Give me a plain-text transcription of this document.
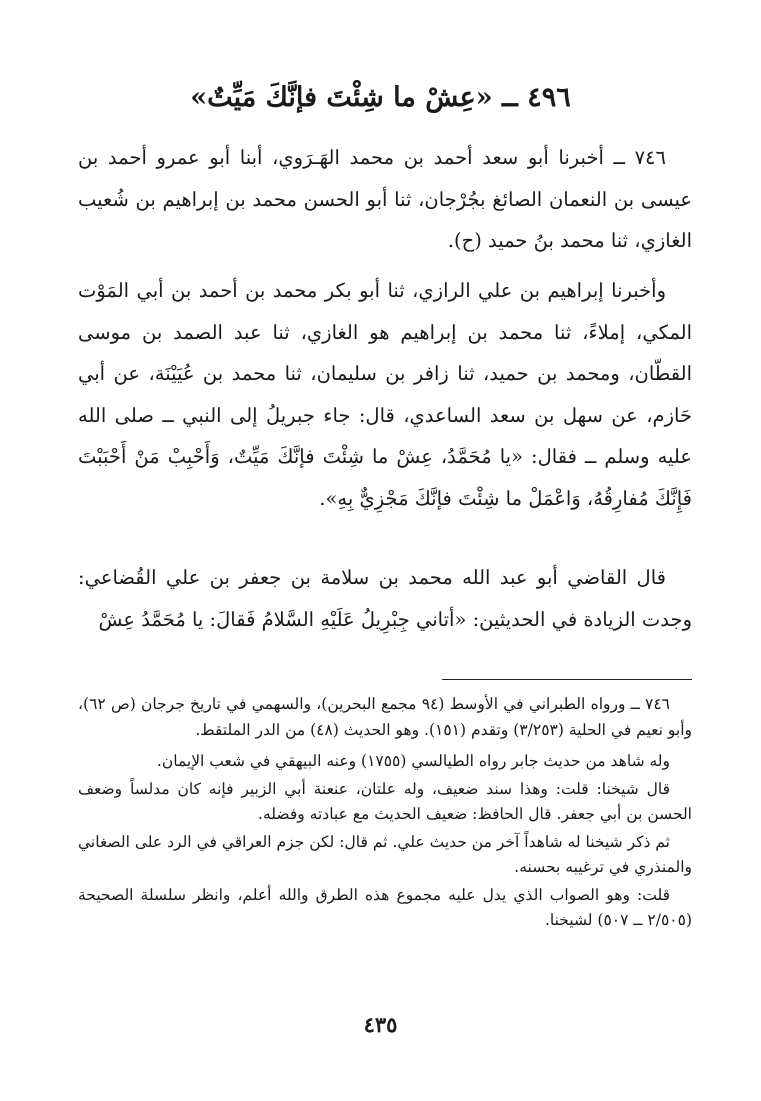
٤٩٦ ــ «عِشْ ما شِئْتَ فإنَّكَ مَيِّتٌ»

٧٤٦ ــ أخبرنا أبو سعد أحمد بن محمد الهَـرَوي، أبنا أبو عمرو أحمد بن عيسى بن النعمان الصائغ بجُرْجان، ثنا أبو الحسن محمد بن إبراهيم بن شُعيب الغازي، ثنا محمد بنُ حميد (ح).

وأخبرنا إبراهيم بن علي الرازي، ثنا أبو بكر محمد بن أحمد بن أبي المَوْت المكي، إملاءً، ثنا محمد بن إبراهيم هو الغازي، ثنا عبد الصمد بن موسى القطّان، ومحمد بن حميد، ثنا زافر بن سليمان، ثنا محمد بن عُيَيْنَة، عن أبي حَازم، عن سهل بن سعد الساعدي، قال: جاء جبريلُ إلى النبي ــ صلى الله عليه وسلم ــ فقال: «يا مُحَمَّدُ، عِشْ ما شِئْتَ فإنَّكَ مَيِّتٌ، وَأَحْبِبْ مَنْ أَحْبَبْتَ فَإِنَّكَ مُفارِقُهُ، وَاعْمَلْ ما شِئْتَ فإنَّكَ مَجْزِيٌّ بِهِ».

قال القاضي أبو عبد الله محمد بن سلامة بن جعفر بن علي القُضاعي: وجدت الزيادة في الحديثين: «أتاني جِبْرِيلُ عَلَيْهِ السَّلامُ فَقالَ: يا مُحَمَّدُ عِشْ

٧٤٦ ــ ورواه الطبراني في الأوسط (٩٤ مجمع البحرين)، والسهمي في تاريخ جرجان (ص ٦٢)، وأبو نعيم في الحلية (٣/٢٥٣) وتقدم (١٥١). وهو الحديث (٤٨) من الدر الملتقط.

وله شاهد من حديث جابر رواه الطيالسي (١٧٥٥) وعنه البيهقي في شعب الإيمان.

قال شيخنا: قلت: وهذا سند ضعيف، وله علتان، عنعنة أبي الزبير فإنه كان مدلساً وضعف الحسن بن أبي جعفر. قال الحافظ: ضعيف الحديث مع عبادته وفضله.

ثم ذكر شيخنا له شاهداً آخر من حديث علي. ثم قال: لكن جزم العراقي في الرد على الصغاني والمنذري في ترغيبه بحسنه.

قلت: وهو الصواب الذي يدل عليه مجموع هذه الطرق والله أعلم، وانظر سلسلة الصحيحة (٢/٥٠٥ ــ ٥٠٧) لشيخنا.

٤٣٥
